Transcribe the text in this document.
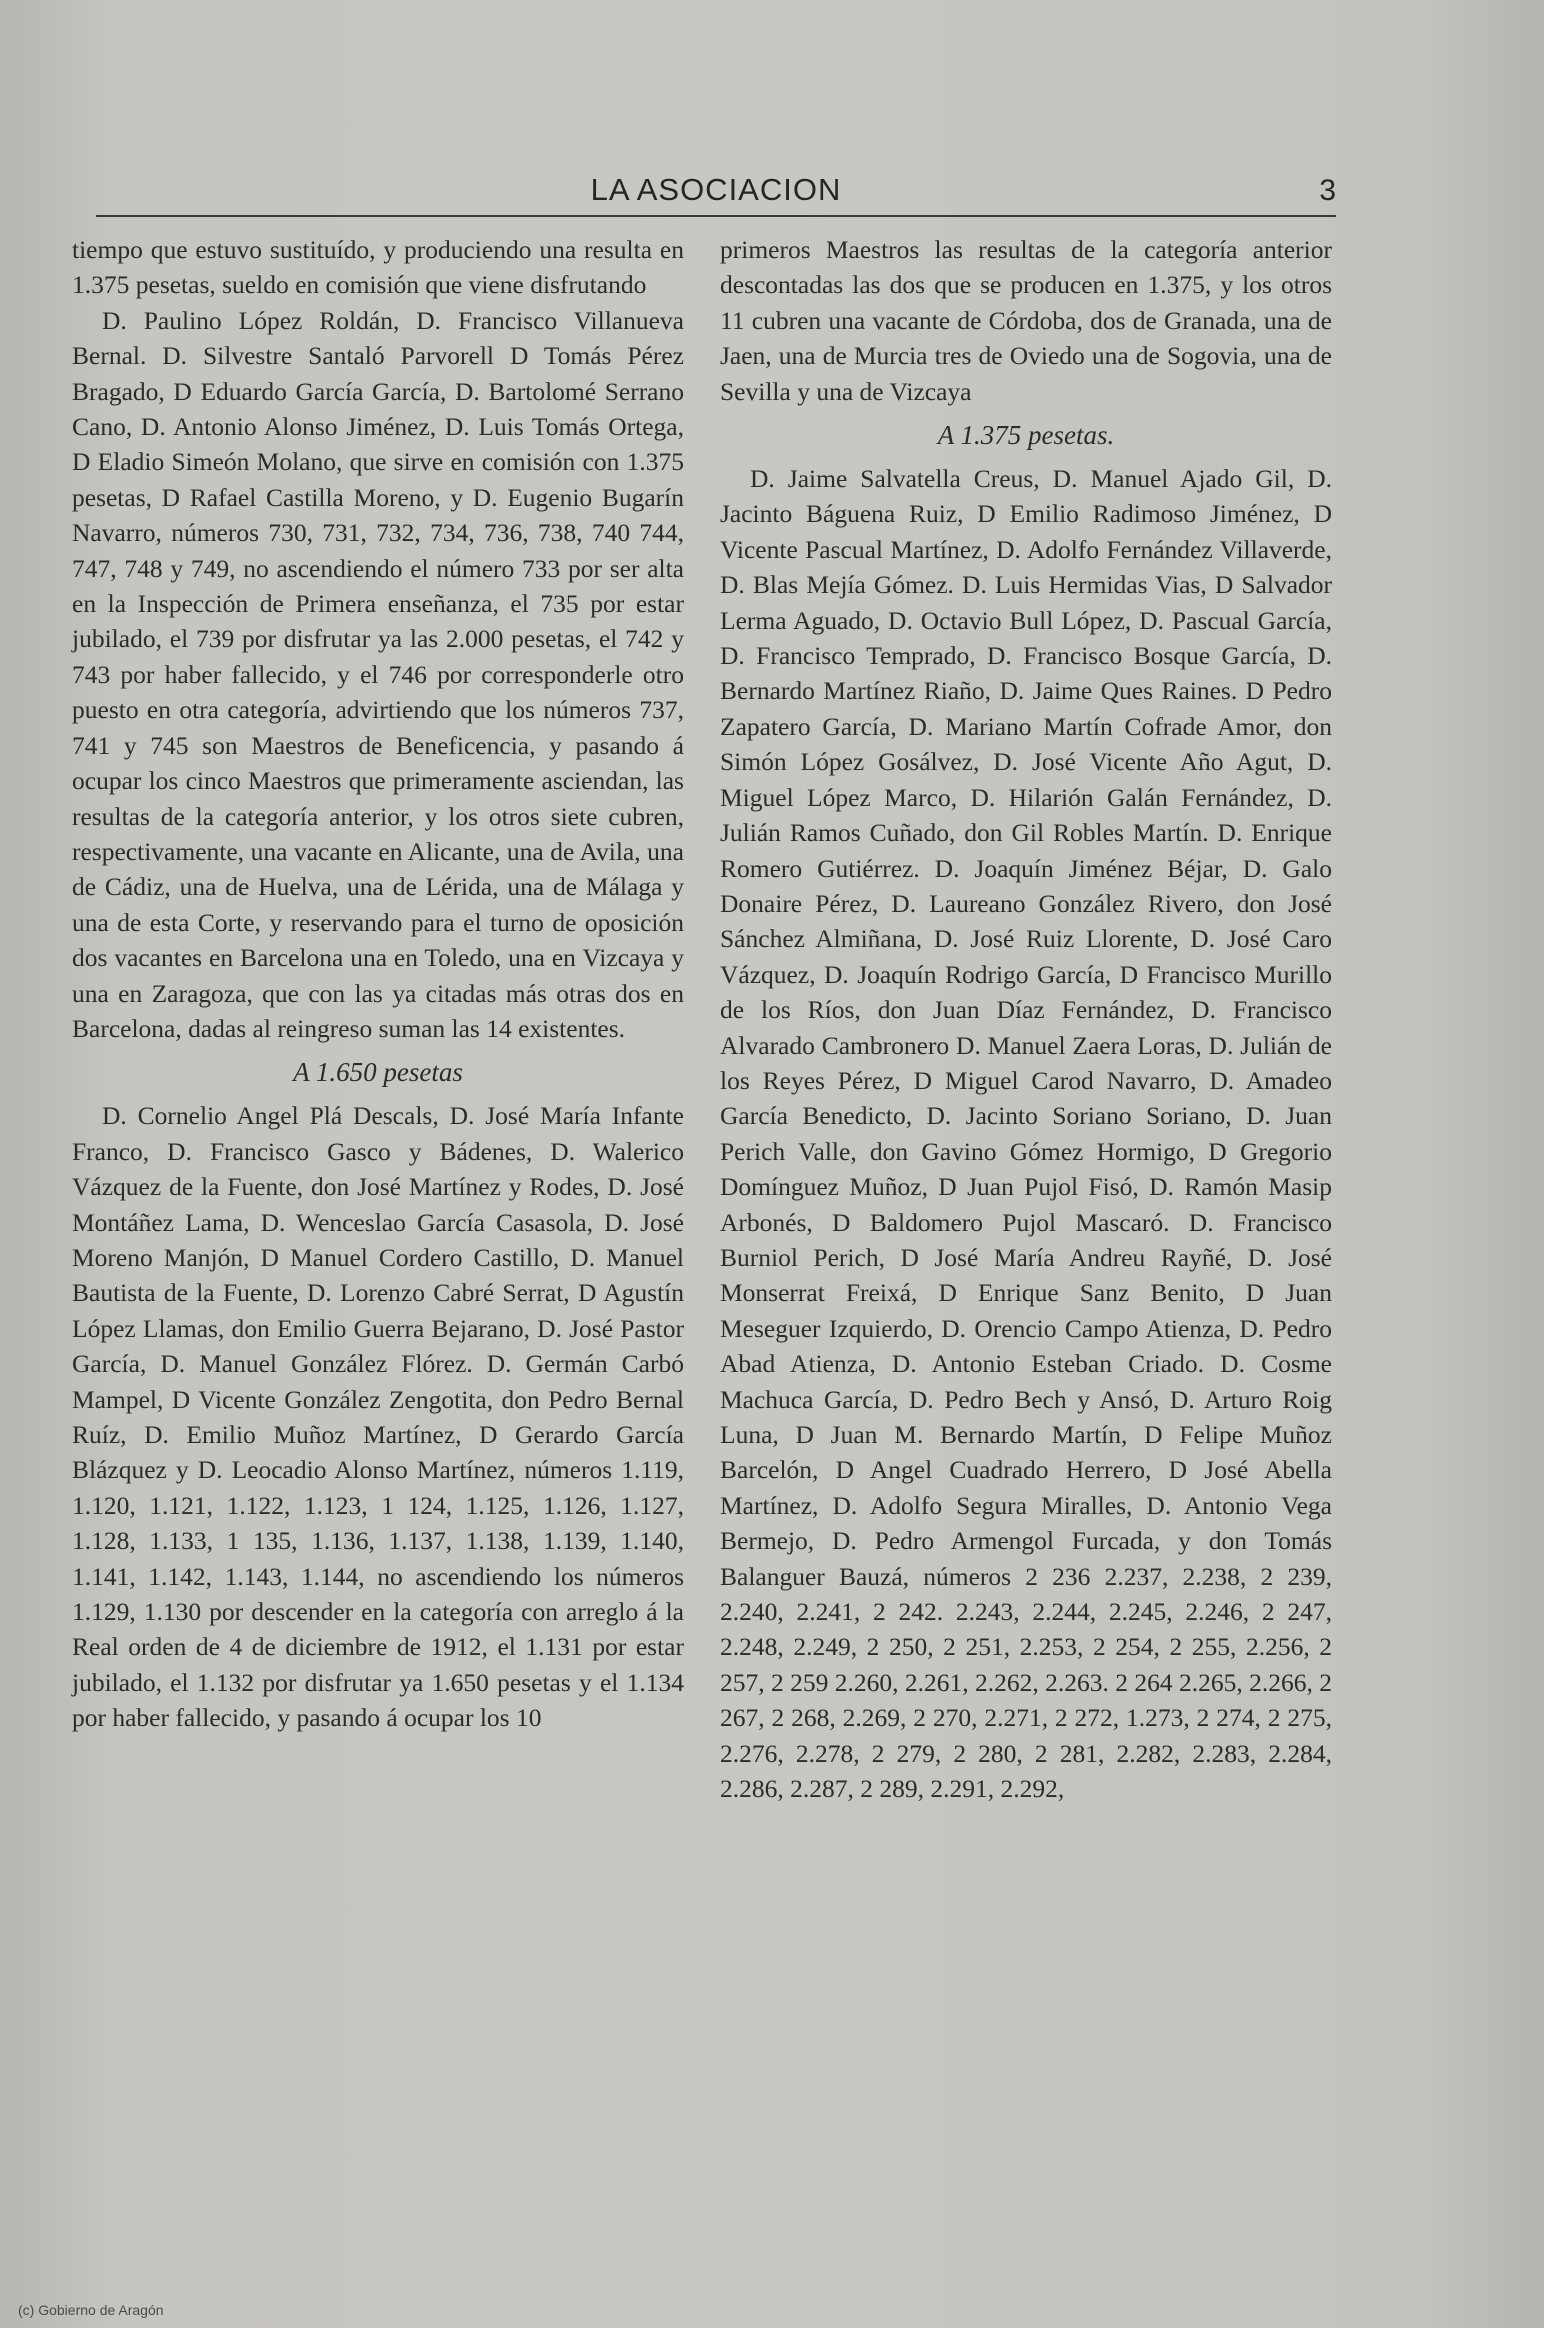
LA ASOCIACION	3

tiempo que estuvo sustituído, y produciendo una resulta en 1.375 pesetas, sueldo en comisión que viene disfrutando

D. Paulino López Roldán, D. Francisco Villanueva Bernal. D. Silvestre Santaló Parvorell D Tomás Pérez Bragado, D Eduardo García García, D. Bartolomé Serrano Cano, D. Antonio Alonso Jiménez, D. Luis Tomás Ortega, D Eladio Simeón Molano, que sirve en comisión con 1.375 pesetas, D Rafael Castilla Moreno, y D. Eugenio Bugarín Navarro, números 730, 731, 732, 734, 736, 738, 740 744, 747, 748 y 749, no ascendiendo el número 733 por ser alta en la Inspección de Primera enseñanza, el 735 por estar jubilado, el 739 por disfrutar ya las 2.000 pesetas, el 742 y 743 por haber fallecido, y el 746 por corresponderle otro puesto en otra categoría, advirtiendo que los números 737, 741 y 745 son Maestros de Beneficencia, y pasando á ocupar los cinco Maestros que primeramente asciendan, las resultas de la categoría anterior, y los otros siete cubren, respectivamente, una vacante en Alicante, una de Avila, una de Cádiz, una de Huelva, una de Lérida, una de Málaga y una de esta Corte, y reservando para el turno de oposición dos vacantes en Barcelona una en Toledo, una en Vizcaya y una en Zaragoza, que con las ya citadas más otras dos en Barcelona, dadas al reingreso suman las 14 existentes.

A 1.650 pesetas

D. Cornelio Angel Plá Descals, D. José María Infante Franco, D. Francisco Gasco y Bádenes, D. Walerico Vázquez de la Fuente, don José Martínez y Rodes, D. José Montáñez Lama, D. Wenceslao García Casasola, D. José Moreno Manjón, D Manuel Cordero Castillo, D. Manuel Bautista de la Fuente, D. Lorenzo Cabré Serrat, D Agustín López Llamas, don Emilio Guerra Bejarano, D. José Pastor García, D. Manuel González Flórez. D. Germán Carbó Mampel, D Vicente González Zengotita, don Pedro Bernal Ruíz, D. Emilio Muñoz Martínez, D Gerardo García Blázquez y D. Leocadio Alonso Martínez, números 1.119, 1.120, 1.121, 1.122, 1.123, 1 124, 1.125, 1.126, 1.127, 1.128, 1.133, 1 135, 1.136, 1.137, 1.138, 1.139, 1.140, 1.141, 1.142, 1.143, 1.144, no ascendiendo los números 1.129, 1.130 por descender en la categoría con arreglo á la Real orden de 4 de diciembre de 1912, el 1.131 por estar jubilado, el 1.132 por disfrutar ya 1.650 pesetas y el 1.134 por haber fallecido, y pasando á ocupar los 10

primeros Maestros las resultas de la categoría anterior descontadas las dos que se producen en 1.375, y los otros 11 cubren una vacante de Córdoba, dos de Granada, una de Jaen, una de Murcia tres de Oviedo una de Sogovia, una de Sevilla y una de Vizcaya

A 1.375 pesetas.

D. Jaime Salvatella Creus, D. Manuel Ajado Gil, D. Jacinto Báguena Ruiz, D Emilio Radimoso Jiménez, D Vicente Pascual Martínez, D. Adolfo Fernández Villaverde, D. Blas Mejía Gómez. D. Luis Hermidas Vias, D Salvador Lerma Aguado, D. Octavio Bull López, D. Pascual García, D. Francisco Temprado, D. Francisco Bosque García, D. Bernardo Martínez Riaño, D. Jaime Ques Raines. D Pedro Zapatero García, D. Mariano Martín Cofrade Amor, don Simón López Gosálvez, D. José Vicente Año Agut, D. Miguel López Marco, D. Hilarión Galán Fernández, D. Julián Ramos Cuñado, don Gil Robles Martín. D. Enrique Romero Gutiérrez. D. Joaquín Jiménez Béjar, D. Galo Donaire Pérez, D. Laureano González Rivero, don José Sánchez Almiñana, D. José Ruiz Llorente, D. José Caro Vázquez, D. Joaquín Rodrigo García, D Francisco Murillo de los Ríos, don Juan Díaz Fernández, D. Francisco Alvarado Cambronero D. Manuel Zaera Loras, D. Julián de los Reyes Pérez, D Miguel Carod Navarro, D. Amadeo García Benedicto, D. Jacinto Soriano Soriano, D. Juan Perich Valle, don Gavino Gómez Hormigo, D Gregorio Domínguez Muñoz, D Juan Pujol Fisó, D. Ramón Masip Arbonés, D Baldomero Pujol Mascaró. D. Francisco Burniol Perich, D José María Andreu Rayñé, D. José Monserrat Freixá, D Enrique Sanz Benito, D Juan Meseguer Izquierdo, D. Orencio Campo Atienza, D. Pedro Abad Atienza, D. Antonio Esteban Criado. D. Cosme Machuca García, D. Pedro Bech y Ansó, D. Arturo Roig Luna, D Juan M. Bernardo Martín, D Felipe Muñoz Barcelón, D Angel Cuadrado Herrero, D José Abella Martínez, D. Adolfo Segura Miralles, D. Antonio Vega Bermejo, D. Pedro Armengol Furcada, y don Tomás Balanguer Bauzá, números 2 236 2.237, 2.238, 2 239, 2.240, 2.241, 2 242. 2.243, 2.244, 2.245, 2.246, 2 247, 2.248, 2.249, 2 250, 2 251, 2.253, 2 254, 2 255, 2.256, 2 257, 2 259 2.260, 2.261, 2.262, 2.263. 2 264 2.265, 2.266, 2 267, 2 268, 2.269, 2 270, 2.271, 2 272, 1.273, 2 274, 2 275, 2.276, 2.278, 2 279, 2 280, 2 281, 2.282, 2.283, 2.284, 2.286, 2.287, 2 289, 2.291, 2.292,

(c) Gobierno de Aragón
